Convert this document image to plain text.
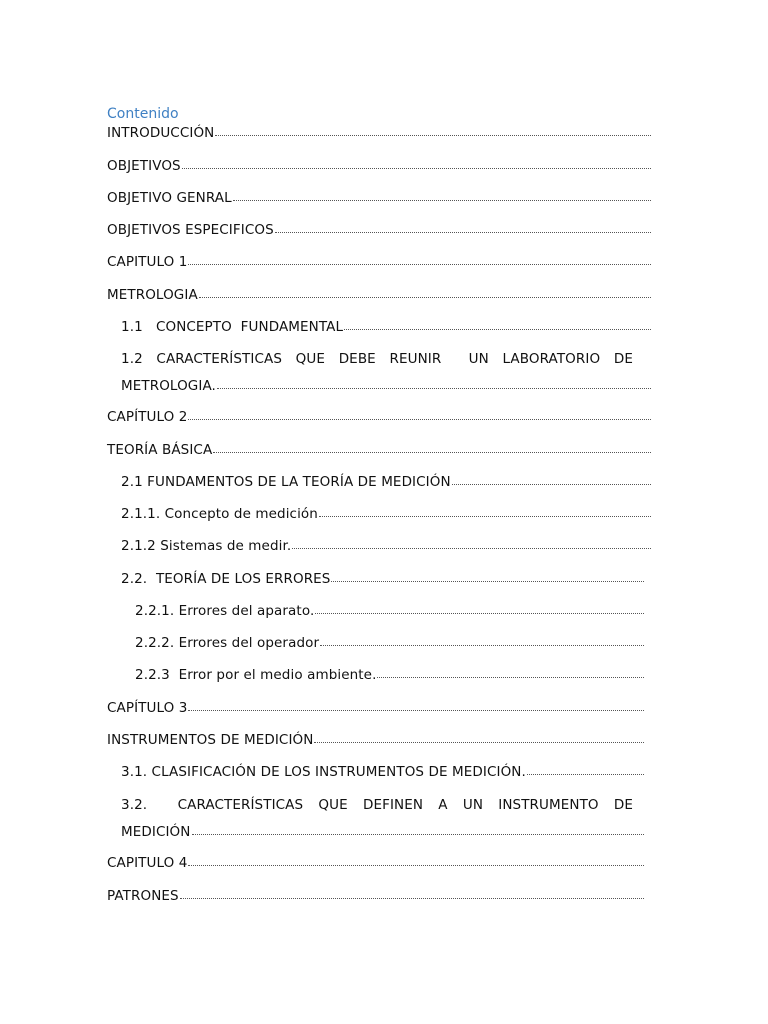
Contenido
INTRODUCCIÓN
OBJETIVOS
OBJETIVO GENRAL
OBJETIVOS ESPECIFICOS
CAPITULO 1
METROLOGIA
1.1   CONCEPTO  FUNDAMENTAL
1.2 CARACTERÍSTICAS QUE DEBE REUNIR  UN LABORATORIO DE
METROLOGIA.
CAPÍTULO 2
TEORÍA BÁSICA
2.1 FUNDAMENTOS DE LA TEORÍA DE MEDICIÓN
2.1.1. Concepto de medición
2.1.2 Sistemas de medir.
2.2.  TEORÍA DE LOS ERRORES
2.2.1. Errores del aparato.
2.2.2. Errores del operador
2.2.3  Error por el medio ambiente.
CAPÍTULO 3
INSTRUMENTOS DE MEDICIÓN
3.1. CLASIFICACIÓN DE LOS INSTRUMENTOS DE MEDICIÓN.
3.2.  CARACTERÍSTICAS QUE DEFINEN A UN INSTRUMENTO DE
MEDICIÓN
CAPITULO 4
PATRONES
